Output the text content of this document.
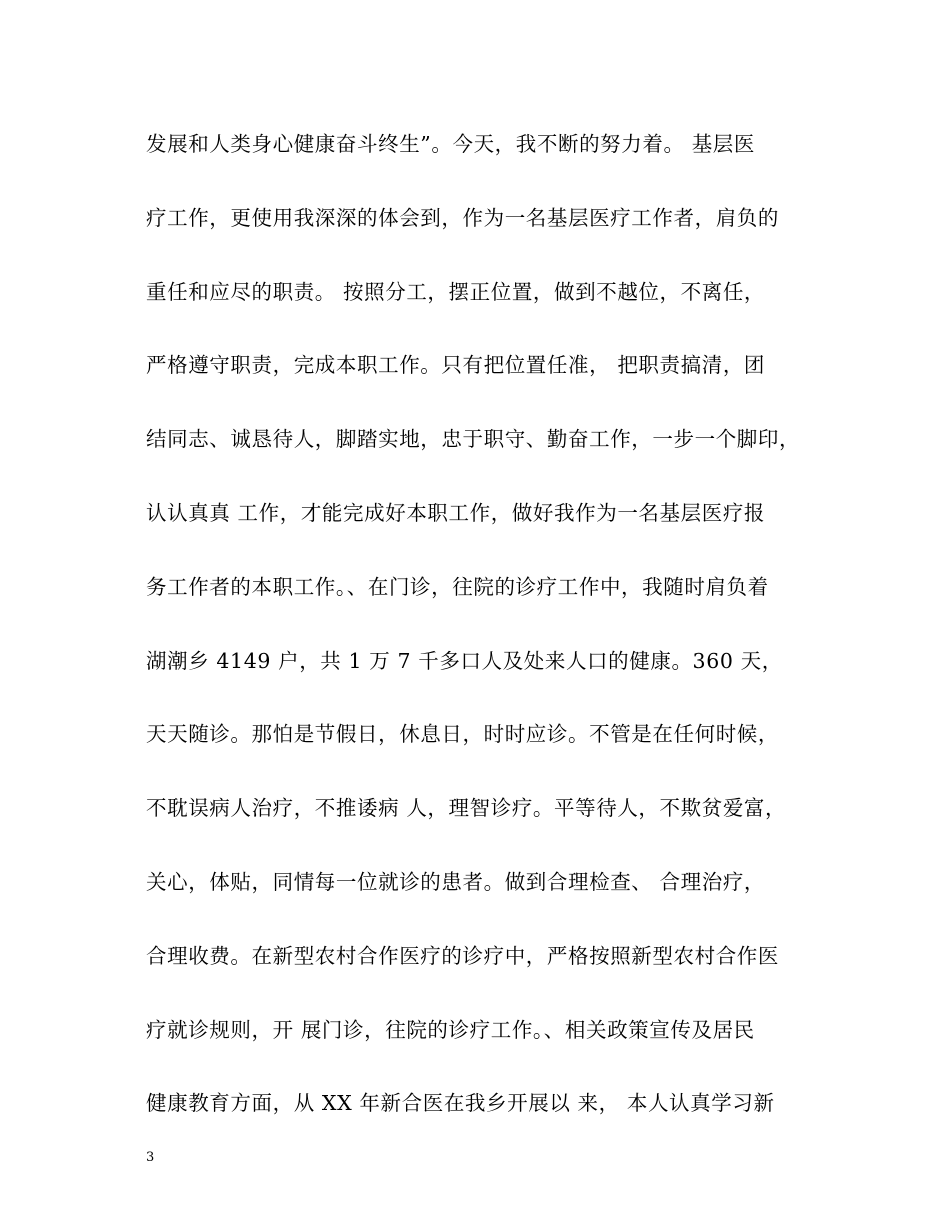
发展和人类身心健康奋斗终生”。今天，我不断的努力着。 基层医
疗工作，更使用我深深的体会到，作为一名基层医疗工作者，肩负的
重任和应尽的职责。 按照分工，摆正位置，做到不越位，不离任，
严格遵守职责，完成本职工作。只有把位置任准， 把职责搞清，团
结同志、诚恳待人，脚踏实地，忠于职守、勤奋工作，一步一个脚印，
认认真真 工作，才能完成好本职工作，做好我作为一名基层医疗报
务工作者的本职工作。、在门诊，往院的诊疗工作中，我随时肩负着
湖潮乡 4149 户，共 1 万 7 千多口人及处来人口的健康。360 天，
天天随诊。那怕是节假日，休息日，时时应诊。不管是在任何时候，
不耽误病人治疗，不推诿病 人，理智诊疗。平等待人，不欺贫爱富，
关心，体贴，同情每一位就诊的患者。做到合理检查、 合理治疗，
合理收费。在新型农村合作医疗的诊疗中，严格按照新型农村合作医
疗就诊规则，开 展门诊，往院的诊疗工作。、相关政策宣传及居民
健康教育方面，从 XX 年新合医在我乡开展以 来， 本人认真学习新
3
